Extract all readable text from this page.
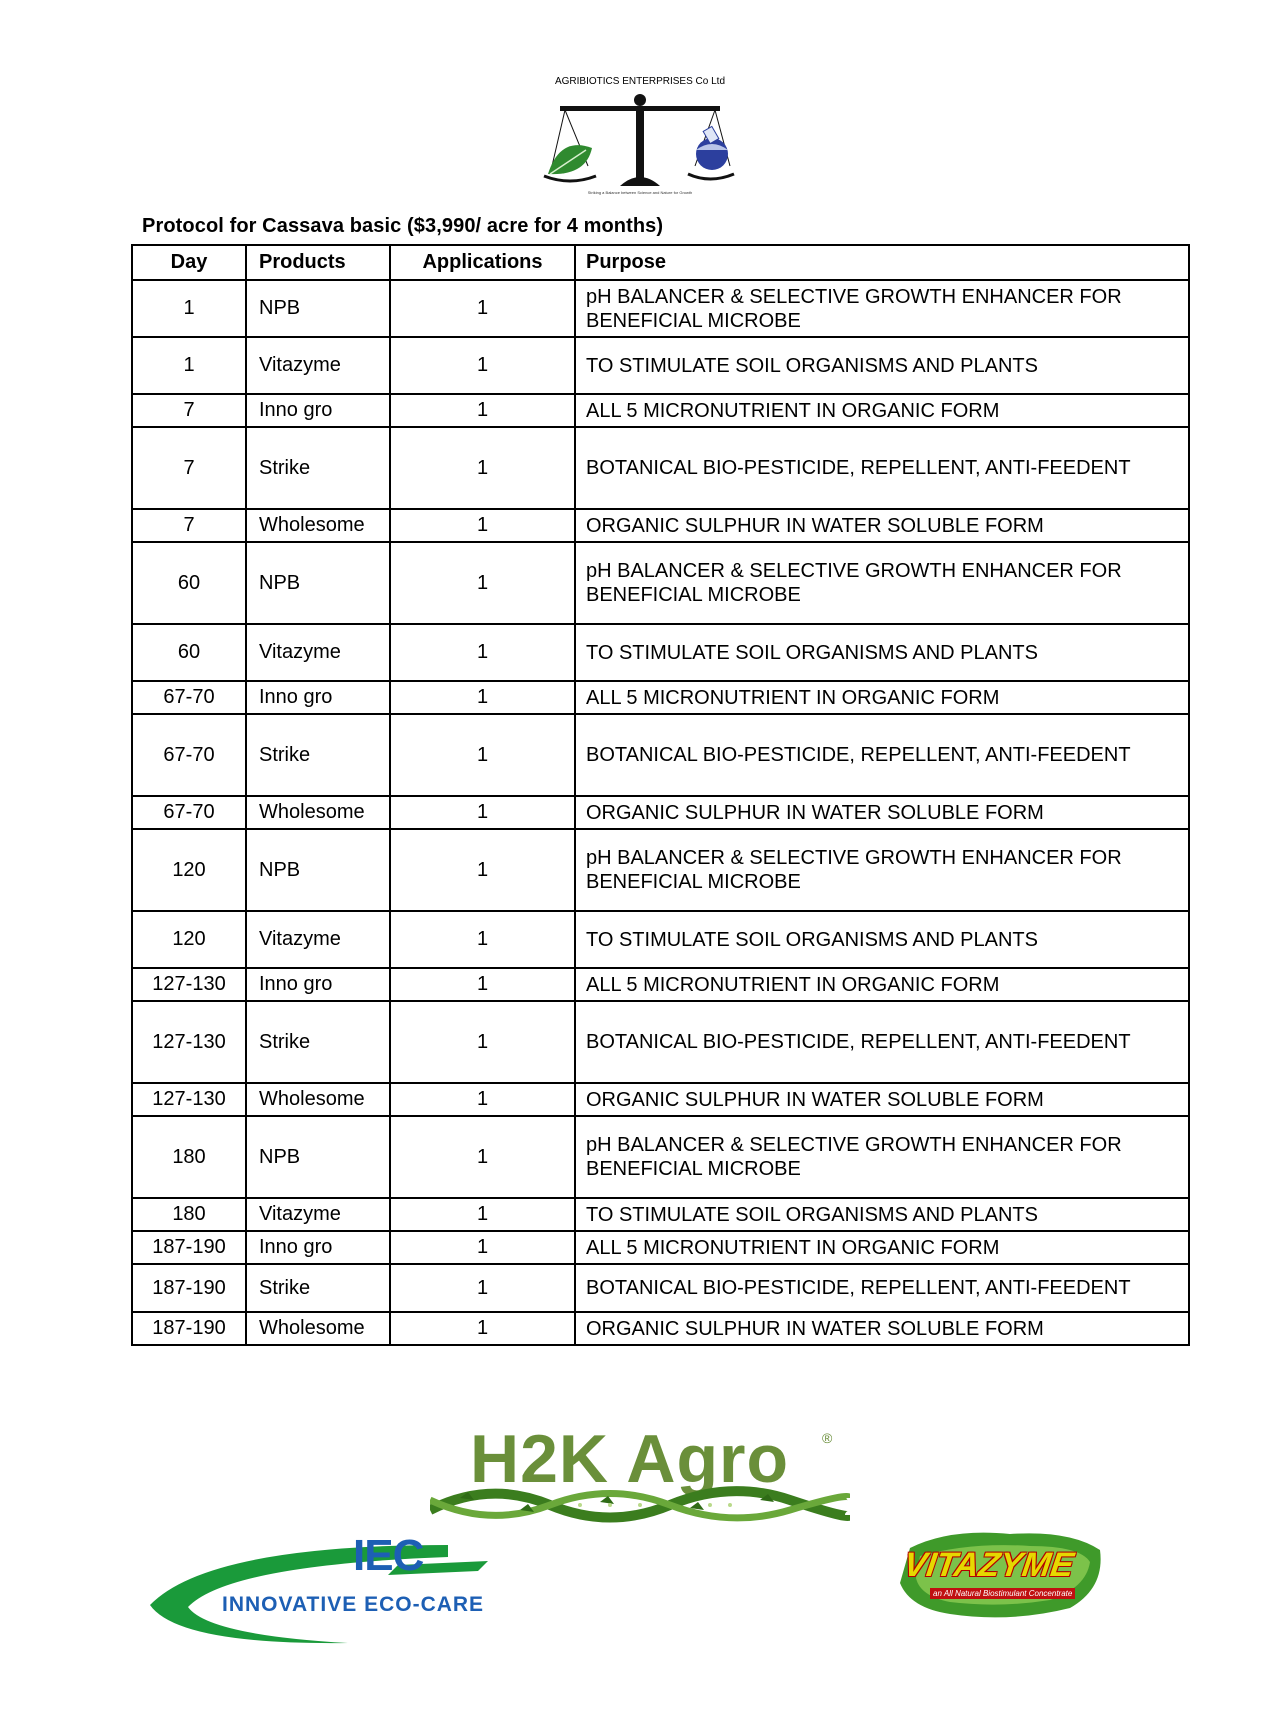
AGRIBIOTICS ENTERPRISES Co Ltd
Striking a Balance between Science and Nature for Growth
Protocol for Cassava basic ($3,990/ acre for 4 months)
Day	Products	Applications	Purpose
1	NPB	1	pH BALANCER & SELECTIVE GROWTH ENHANCER FOR BENEFICIAL MICROBE
1	Vitazyme	1	TO STIMULATE SOIL ORGANISMS AND PLANTS
7	Inno gro	1	ALL 5 MICRONUTRIENT IN ORGANIC FORM
7	Strike	1	BOTANICAL BIO-PESTICIDE, REPELLENT, ANTI-FEEDENT
7	Wholesome	1	ORGANIC SULPHUR IN WATER SOLUBLE FORM
60	NPB	1	pH BALANCER & SELECTIVE GROWTH ENHANCER FOR BENEFICIAL MICROBE
60	Vitazyme	1	TO STIMULATE SOIL ORGANISMS AND PLANTS
67-70	Inno gro	1	ALL 5 MICRONUTRIENT IN ORGANIC FORM
67-70	Strike	1	BOTANICAL BIO-PESTICIDE, REPELLENT, ANTI-FEEDENT
67-70	Wholesome	1	ORGANIC SULPHUR IN WATER SOLUBLE FORM
120	NPB	1	pH BALANCER & SELECTIVE GROWTH ENHANCER FOR BENEFICIAL MICROBE
120	Vitazyme	1	TO STIMULATE SOIL ORGANISMS AND PLANTS
127-130	Inno gro	1	ALL 5 MICRONUTRIENT IN ORGANIC FORM
127-130	Strike	1	BOTANICAL BIO-PESTICIDE, REPELLENT, ANTI-FEEDENT
127-130	Wholesome	1	ORGANIC SULPHUR IN WATER SOLUBLE FORM
180	NPB	1	pH BALANCER & SELECTIVE GROWTH ENHANCER FOR BENEFICIAL MICROBE
180	Vitazyme	1	TO STIMULATE SOIL ORGANISMS AND PLANTS
187-190	Inno gro	1	ALL 5 MICRONUTRIENT IN ORGANIC FORM
187-190	Strike	1	BOTANICAL BIO-PESTICIDE, REPELLENT, ANTI-FEEDENT
187-190	Wholesome	1	ORGANIC SULPHUR IN WATER SOLUBLE FORM
H2K Agro ®
IEC
INNOVATIVE ECO-CARE
VITAZYME
an All Natural Biostimulant Concentrate
